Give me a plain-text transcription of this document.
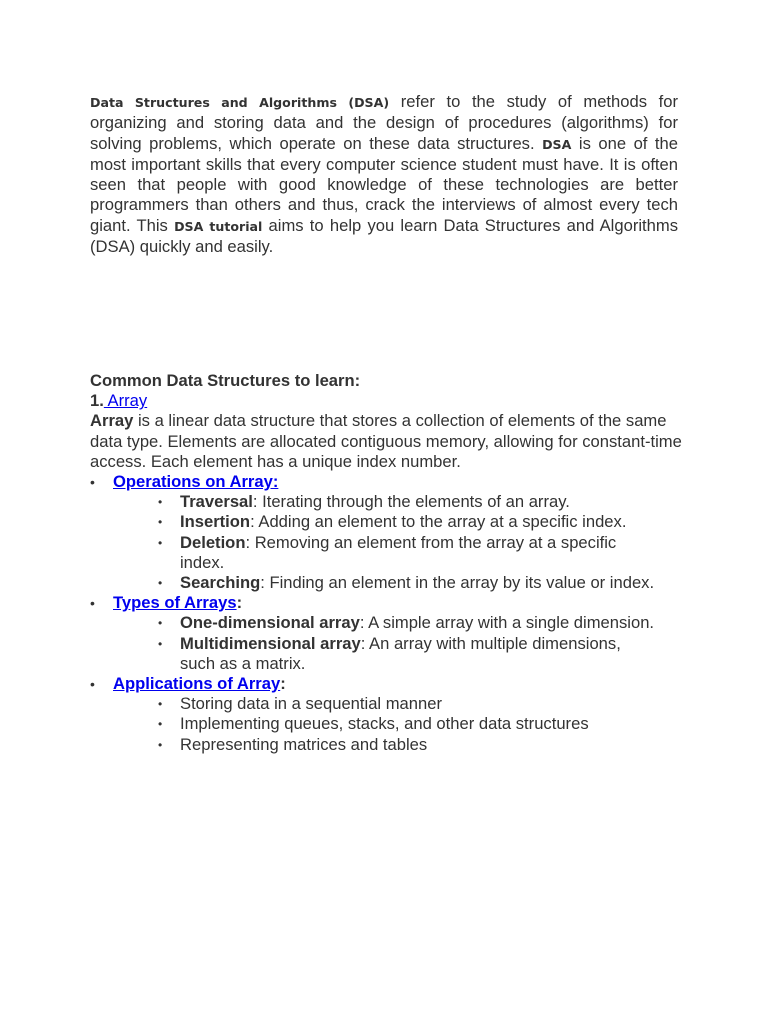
Data Structures and Algorithms (DSA) refer to the study of methods for organizing and storing data and the design of procedures (algorithms) for solving problems, which operate on these data structures. DSA is one of the most important skills that every computer science student must have. It is often seen that people with good knowledge of these technologies are better programmers than others and thus, crack the interviews of almost every tech giant. This DSA tutorial aims to help you learn Data Structures and Algorithms (DSA) quickly and easily.

Common Data Structures to learn:

1. Array

Array is a linear data structure that stores a collection of elements of the same data type. Elements are allocated contiguous memory, allowing for constant-time access. Each element has a unique index number.

• Operations on Array:
• Traversal: Iterating through the elements of an array.
• Insertion: Adding an element to the array at a specific index.
• Deletion: Removing an element from the array at a specific index.
• Searching: Finding an element in the array by its value or index.
• Types of Arrays:
• One-dimensional array: A simple array with a single dimension.
• Multidimensional array: An array with multiple dimensions, such as a matrix.
• Applications of Array:
• Storing data in a sequential manner
• Implementing queues, stacks, and other data structures
• Representing matrices and tables
